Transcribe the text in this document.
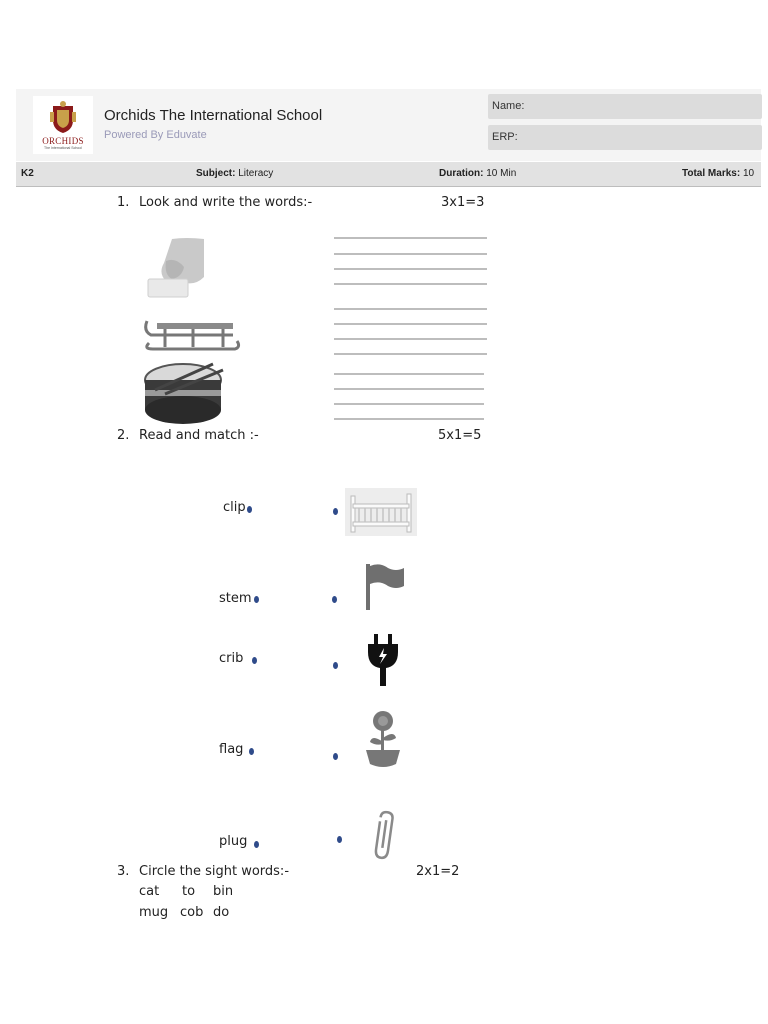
ORCHIDS
The International School
Orchids The International School
Powered By Eduvate
Name:
ERP:
K2	Subject: Literacy	Duration: 10 Min	Total Marks: 10
1. Look and write the words:-	3x1=3
2. Read and match :-	5x1=5
clip
stem
crib
flag
plug
3. Circle the sight words:-	2x1=2
cat to bin
mug cob do
